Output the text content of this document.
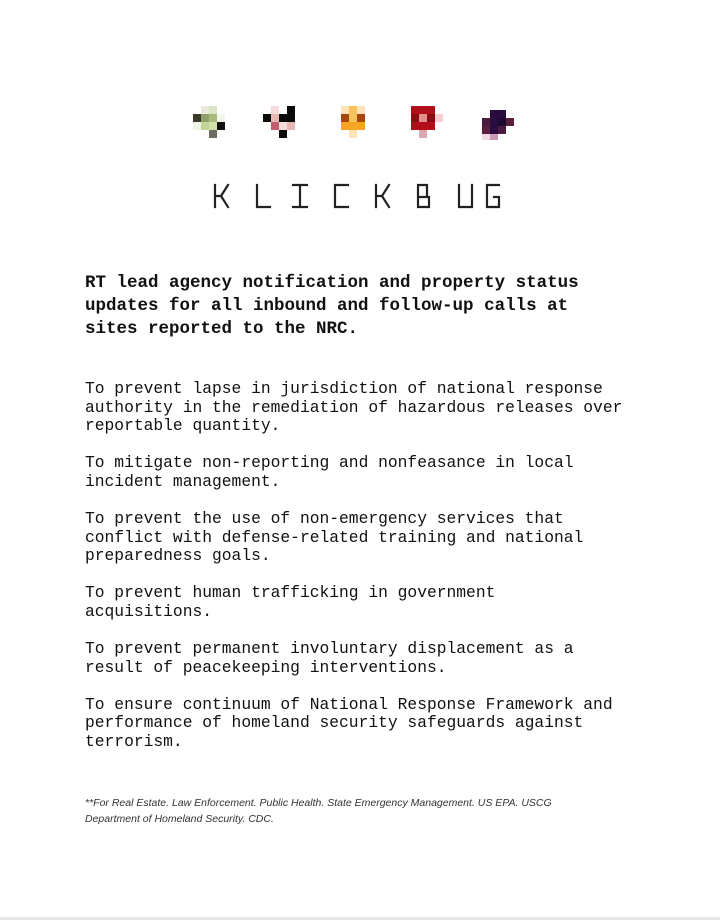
RT lead agency notification and property status
updates for all inbound and follow-up calls at
sites reported to the NRC.

To prevent lapse in jurisdiction of national response
authority in the remediation of hazardous releases over
reportable quantity.
To mitigate non-reporting and nonfeasance in local
incident management.
To prevent the use of non-emergency services that
conflict with defense-related training and national
preparedness goals.
To prevent human trafficking in government
acquisitions.
To prevent permanent involuntary displacement as a
result of peacekeeping interventions.
To ensure continuum of National Response Framework and
performance of homeland security safeguards against
terrorism.

**For Real Estate. Law Enforcement. Public Health. State Emergency Management. US EPA. USCG
Department of Homeland Security. CDC.
